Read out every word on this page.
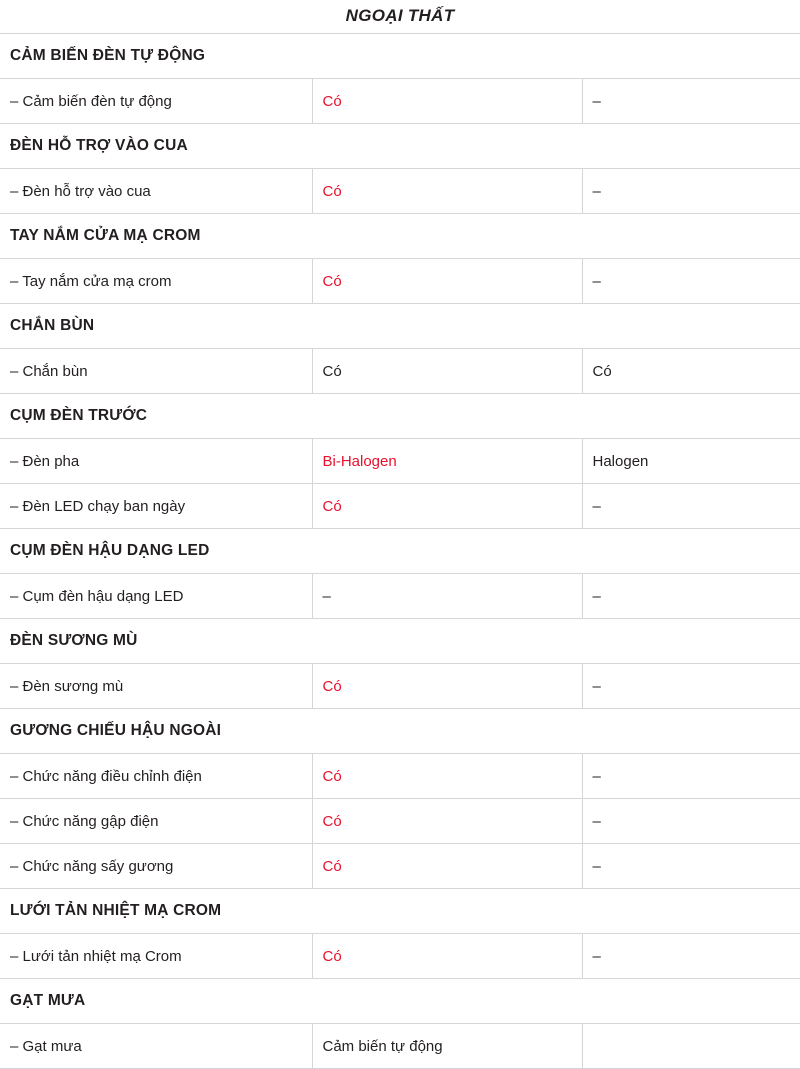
NGOẠI THẤT		
CẢM BIẾN ĐÈN TỰ ĐỘNG		
– Cảm biến đèn tự động	Có	–
ĐÈN HỖ TRỢ VÀO CUA		
– Đèn hỗ trợ vào cua	Có	–
TAY NẮM CỬA MẠ CROM		
– Tay nắm cửa mạ crom	Có	–
CHẮN BÙN		
– Chắn bùn	Có	Có
CỤM ĐÈN TRƯỚC		
– Đèn pha	Bi-Halogen	Halogen
– Đèn LED chạy ban ngày	Có	–
CỤM ĐÈN HẬU DẠNG LED		
– Cụm đèn hậu dạng LED	–	–
ĐÈN SƯƠNG MÙ		
– Đèn sương mù	Có	–
GƯƠNG CHIẾU HẬU NGOÀI		
– Chức năng điều chỉnh điện	Có	–
– Chức năng gập điện	Có	–
– Chức năng sấy gương	Có	–
LƯỚI TẢN NHIỆT MẠ CROM		
– Lưới tản nhiệt mạ Crom	Có	–
GẠT MƯA		
– Gạt mưa	Cảm biến tự động	
